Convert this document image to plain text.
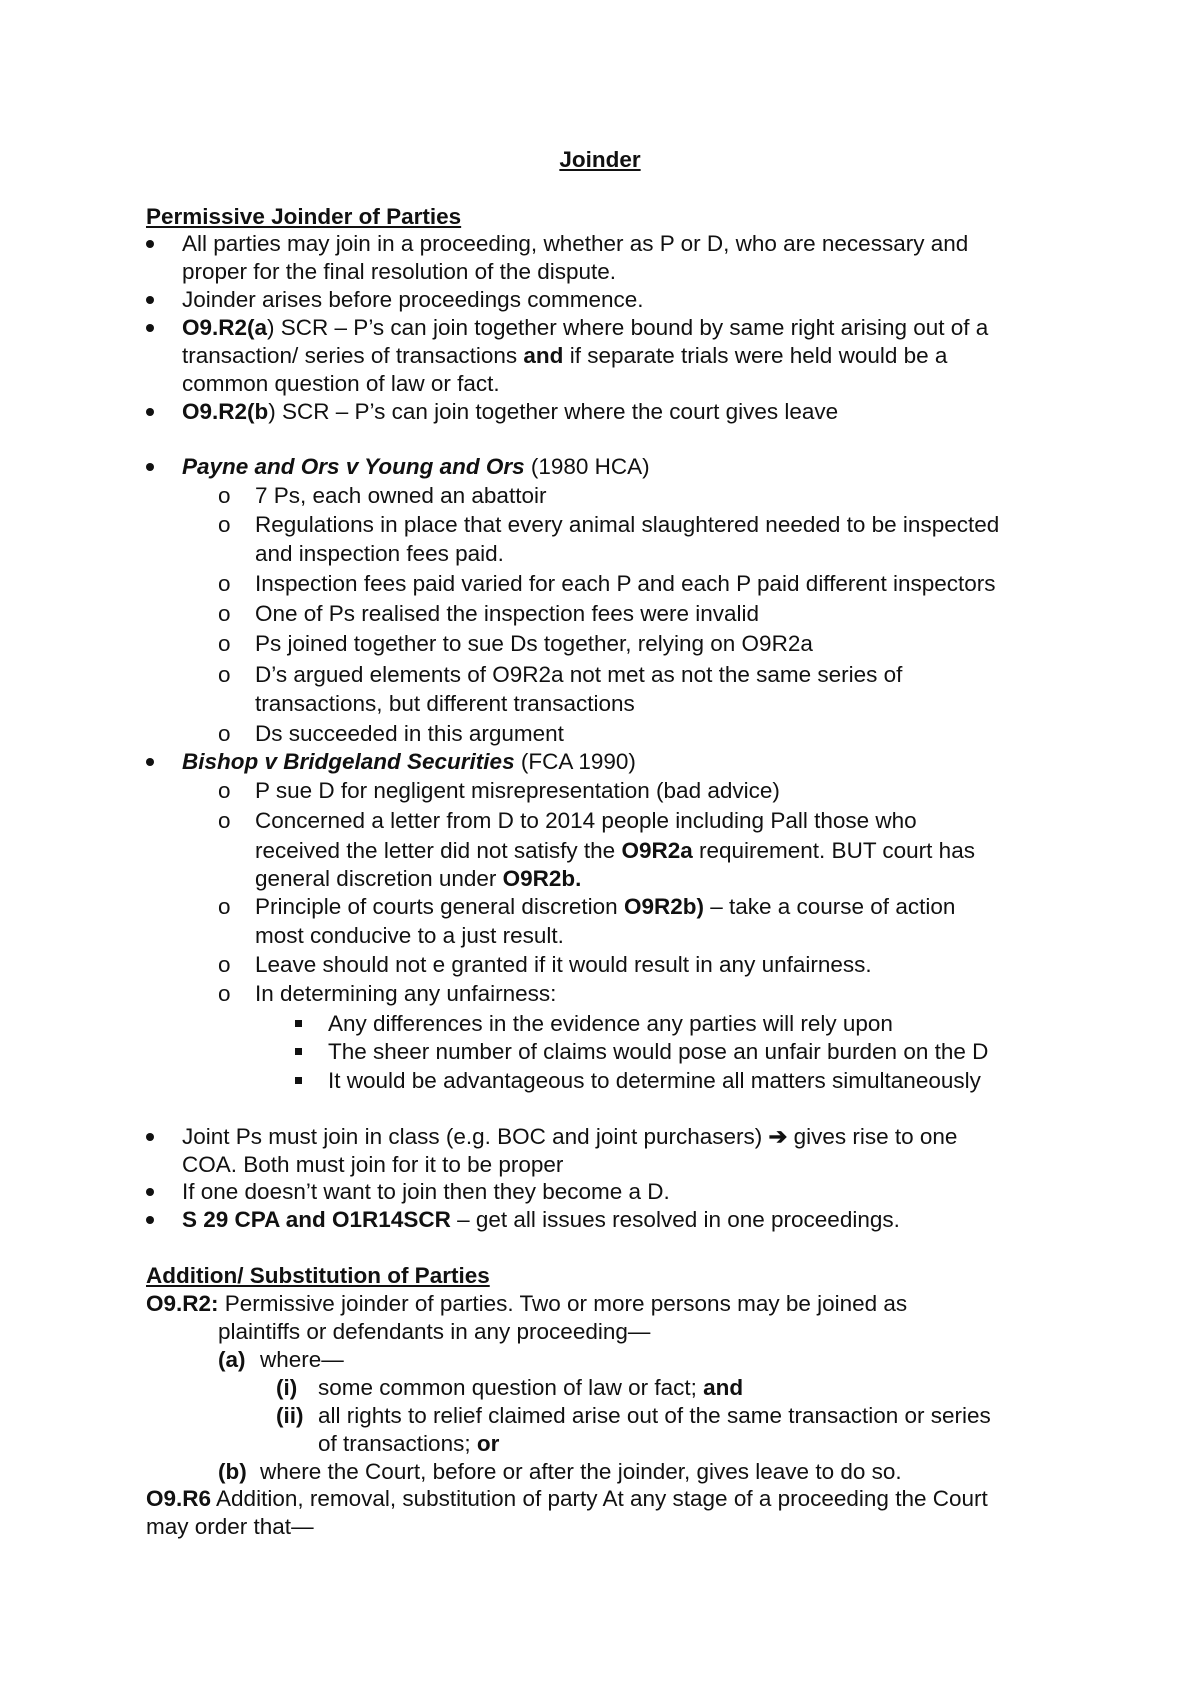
Joinder
Permissive Joinder of Parties
All parties may join in a proceeding, whether as P or D, who are necessary and
proper for the final resolution of the dispute.
Joinder arises before proceedings commence.
O9.R2(a) SCR – P’s can join together where bound by same right arising out of a
transaction/ series of transactions and if separate trials were held would be a
common question of law or fact.
O9.R2(b) SCR – P’s can join together where the court gives leave
Payne and Ors v Young and Ors (1980 HCA)
o 7 Ps, each owned an abattoir
o Regulations in place that every animal slaughtered needed to be inspected
and inspection fees paid.
o Inspection fees paid varied for each P and each P paid different inspectors
o One of Ps realised the inspection fees were invalid
o Ps joined together to sue Ds together, relying on O9R2a
o D’s argued elements of O9R2a not met as not the same series of
transactions, but different transactions
o Ds succeeded in this argument
Bishop v Bridgeland Securities (FCA 1990)
o P sue D for negligent misrepresentation (bad advice)
o Concerned a letter from D to 2014 people including Pall those who
received the letter did not satisfy the O9R2a requirement. BUT court has
general discretion under O9R2b.
o Principle of courts general discretion O9R2b) – take a course of action
most conducive to a just result.
o Leave should not e granted if it would result in any unfairness.
o In determining any unfairness:
Any differences in the evidence any parties will rely upon
The sheer number of claims would pose an unfair burden on the D
It would be advantageous to determine all matters simultaneously
Joint Ps must join in class (e.g. BOC and joint purchasers) ➔ gives rise to one
COA. Both must join for it to be proper
If one doesn’t want to join then they become a D.
S 29 CPA and O1R14SCR – get all issues resolved in one proceedings.
Addition/ Substitution of Parties
O9.R2: Permissive joinder of parties. Two or more persons may be joined as
plaintiffs or defendants in any proceeding—
(a) where—
(i) some common question of law or fact; and
(ii) all rights to relief claimed arise out of the same transaction or series
of transactions; or
(b) where the Court, before or after the joinder, gives leave to do so.
O9.R6 Addition, removal, substitution of party At any stage of a proceeding the Court
may order that—
